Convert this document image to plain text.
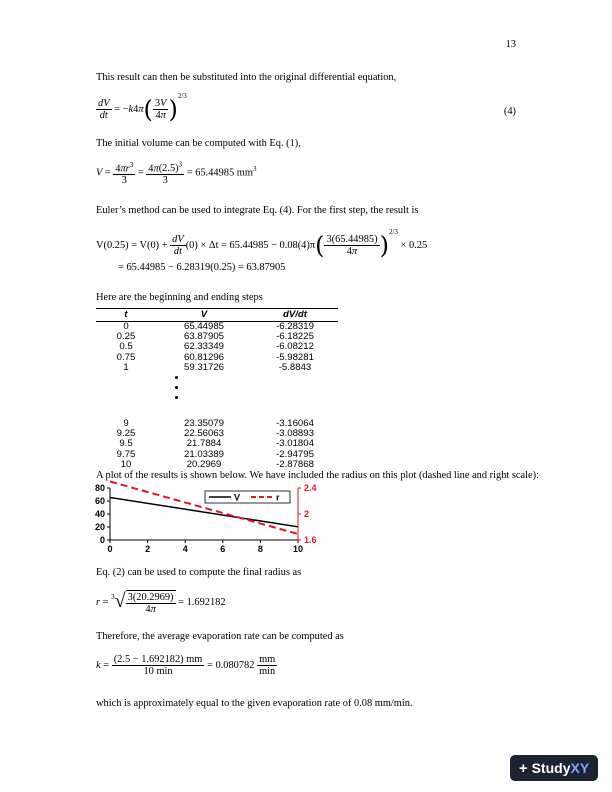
13
This result can then be substituted into the original differential equation,
$\frac{dV}{dt} = -k4\pi( \frac{3V}{4\pi} )^{2/3}$
(4)
The initial volume can be computed with Eq. (1),
$V = \frac{4\pi r^3}{3} = \frac{4\pi(2.5)^3}{3} = 65.44985$ $mm^3$
Euler’s method can be used to integrate Eq. (4). For the first step, the result is
$V(0.25) = V(0) + \frac{dV}{dt} (0) \times \Delta t = 65.44985 - 0.08(4)\pi( \frac{3(65.44985)}{4\pi} )^{2/3} \times 0.25$
= 65.44985 − 6.28319(0.25) = 63.87905
Here are the beginning and ending steps
t	V	dV/dt
0	65.44985	-6.28319
0.25	63.87905	-6.18225
0.5	62.33349	-6.08212
0.75	60.81296	-5.98281
1	59.31726	-5.8843

9	23.35079	-3.16064
9.25	22.56063	-3.08893
9.5	21.7884	-3.01804
9.75	21.03389	-2.94795
10	20.2969	-2.87868
A plot of the results is shown below. We have included the radius on this plot (dashed line and right scale):
0	2	4	6	8	10
0
20
40
60
80
1.6
2
2.4
V	r
Eq. (2) can be used to compute the final radius as
$r = ^3√ \frac{3(20.2969)}{4\pi} = 1.692182$
Therefore, the average evaporation rate can be computed as
$k = \frac{(2.5 - 1.692182) mm}{10 \min} = 0.080782 \frac{mm}{\min}$
which is approximately equal to the given evaporation rate of 0.08 mm/min.
+ StudyXY
